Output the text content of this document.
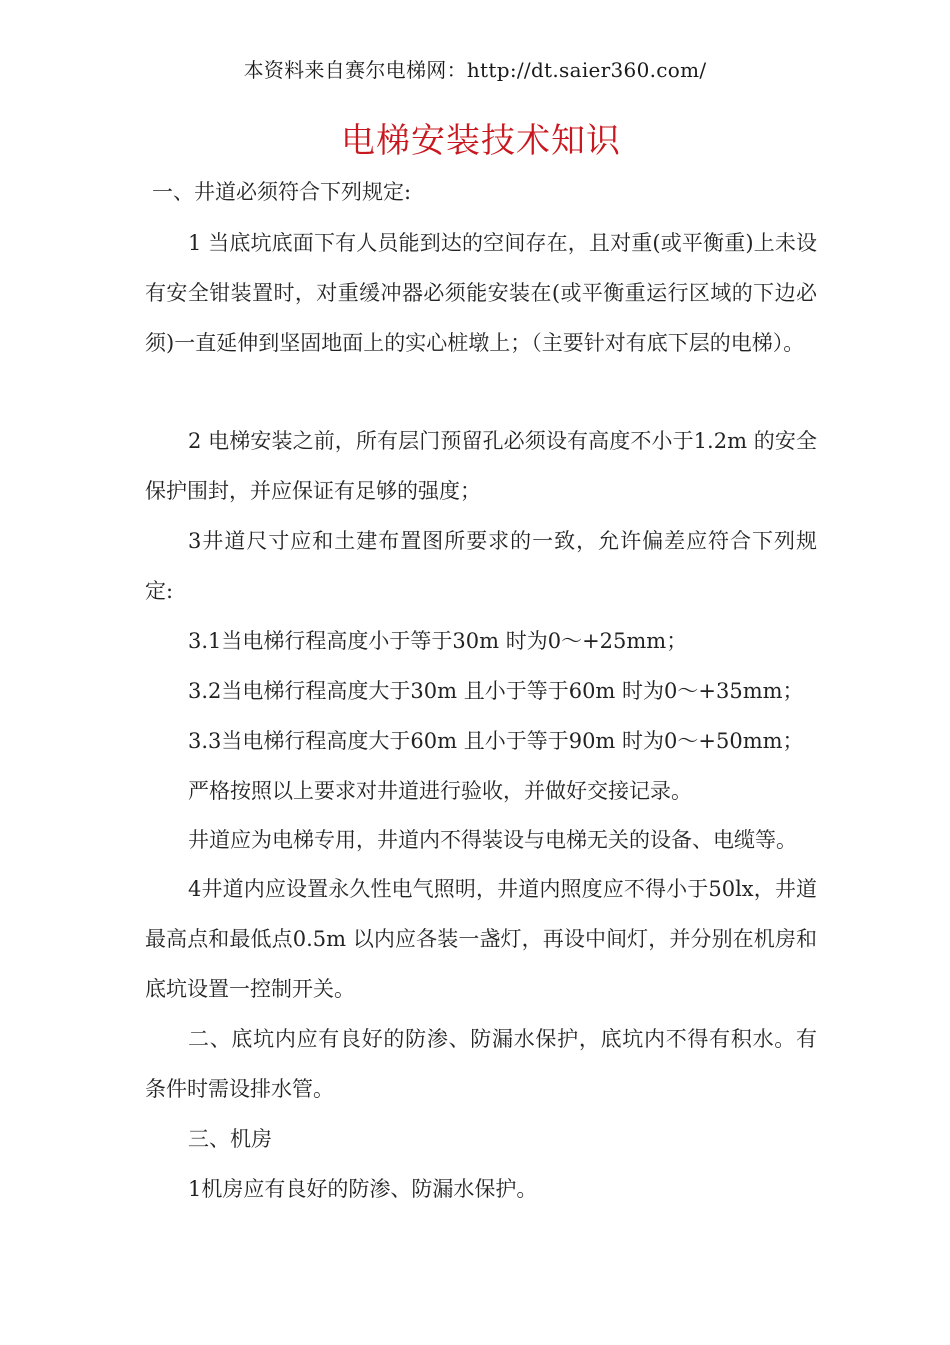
本资料来自赛尔电梯网：http://dt.saier360.com/
电梯安装技术知识
一、井道必须符合下列规定:
1 当底坑底面下有人员能到达的空间存在，且对重(或平衡重)上未设有安全钳装置时，对重缓冲器必须能安装在(或平衡重运行区域的下边必须)一直延伸到坚固地面上的实心桩墩上；（主要针对有底下层的电梯）。
2 电梯安装之前，所有层门预留孔必须设有高度不小于1.2m 的安全保护围封，并应保证有足够的强度；
3井道尺寸应和土建布置图所要求的一致，允许偏差应符合下列规定:
3.1当电梯行程高度小于等于30m 时为0～+25mm；
3.2当电梯行程高度大于30m 且小于等于60m 时为0～+35mm；
3.3当电梯行程高度大于60m 且小于等于90m 时为0～+50mm；
严格按照以上要求对井道进行验收，并做好交接记录。
井道应为电梯专用，井道内不得装设与电梯无关的设备、电缆等。
4井道内应设置永久性电气照明，井道内照度应不得小于50lx，井道最高点和最低点0.5m 以内应各装一盏灯，再设中间灯，并分别在机房和底坑设置一控制开关。
二、底坑内应有良好的防渗、防漏水保护，底坑内不得有积水。有条件时需设排水管。
三、机房
1机房应有良好的防渗、防漏水保护。
